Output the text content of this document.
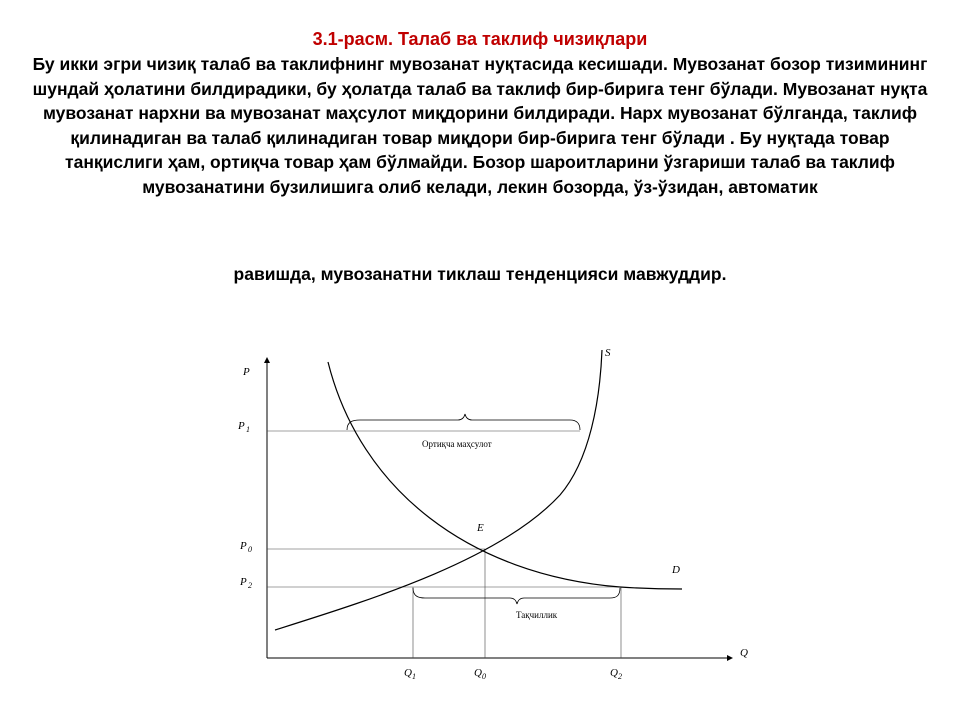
3.1-расм. Талаб ва таклиф чизиқлари
Бу икки эгри чизиқ талаб ва таклифнинг мувозанат нуқтасида кесишади. Мувозанат бозор тизимининг шундай ҳолатини билдирадики, бу ҳолатда талаб ва таклиф бир-бирига тенг бўлади. Мувозанат нуқта мувозанат нархни ва мувозанат маҳсулот миқдорини билдиради. Нарх мувозанат бўлганда, таклиф қилинадиган ва талаб қилинадиган товар миқдори бир-бирига тенг бўлади . Бу нуқтада товар танқислиги ҳам, ортиқча товар ҳам бўлмайди. Бозор шароитларини ўзгариши талаб ва таклиф мувозанатини бузилишига олиб келади, лекин бозорда, ўз-ўзидан, автоматик
равишда, мувозанатни тиклаш тенденцияси мавжуддир.
P
Q
P 1
P 0
P 2
Q 1	Q 0	Q 2
S
D
E
Ортиқча маҳсулот
Тақчиллик
